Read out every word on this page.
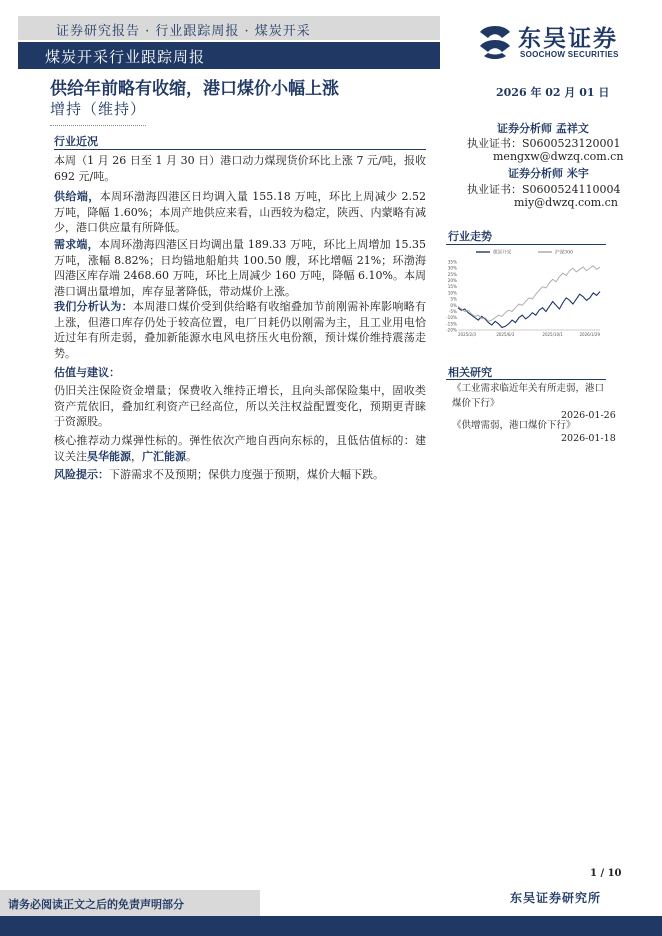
证券研究报告 · 行业跟踪周报 · 煤炭开采
煤炭开采行业跟踪周报
东吴证券
SOOCHOW SECURITIES
供给年前略有收缩，港口煤价小幅上涨	2026 年 02 月 01 日
增持（维持）
证券分析师 孟祥文
执业证书：S0600523120001
mengxw@dwzq.com.cn
证券分析师 米宇
执业证书：S0600524110004
miy@dwzq.com.cn
行业近况
本周（1 月 26 日至 1 月 30 日）港口动力煤现货价环比上涨 7 元/吨，报收 692 元/吨。
供给端，本周环渤海四港区日均调入量 155.18 万吨，环比上周减少 2.52 万吨，降幅 1.60%；本周产地供应来看，山西较为稳定，陕西、内蒙略有减少，港口供应量有所降低。
需求端，本周环渤海四港区日均调出量 189.33 万吨，环比上周增加 15.35 万吨，涨幅 8.82%；日均锚地船舶共 100.50 艘，环比增幅 21%；环渤海四港区库存端 2468.60 万吨，环比上周减少 160 万吨，降幅 6.10%。本周港口调出量增加，库存显著降低，带动煤价上涨。
我们分析认为：本周港口煤价受到供给略有收缩叠加节前刚需补库影响略有上涨，但港口库存仍处于较高位置，电厂日耗仍以刚需为主，且工业用电恰近过年有所走弱，叠加新能源水电风电挤压火电份额，预计煤价维持震荡走势。
估值与建议：
仍旧关注保险资金增量；保费收入维持正增长，且向头部保险集中，固收类资产荒依旧，叠加红利资产已经高位，所以关注权益配置变化，预期更青睐于资源股。
核心推荐动力煤弹性标的。弹性依次产地自西向东标的，且低估值标的：建议关注昊华能源，广汇能源。
风险提示：下游需求不及预期；保供力度强于预期，煤价大幅下跌。
行业走势
35%
30%
25%
20%
15%
10%
5%
0%
-5%
-10%
-15%
-20%
2025/2/3	2025/6/3	2025/10/1	2026/1/29
煤炭开采	沪深300
相关研究
《工业需求临近年关有所走弱，港口煤价下行》
2026-01-26
《供增需弱，港口煤价下行》
2026-01-18
1 / 10
请务必阅读正文之后的免责声明部分	东吴证券研究所
